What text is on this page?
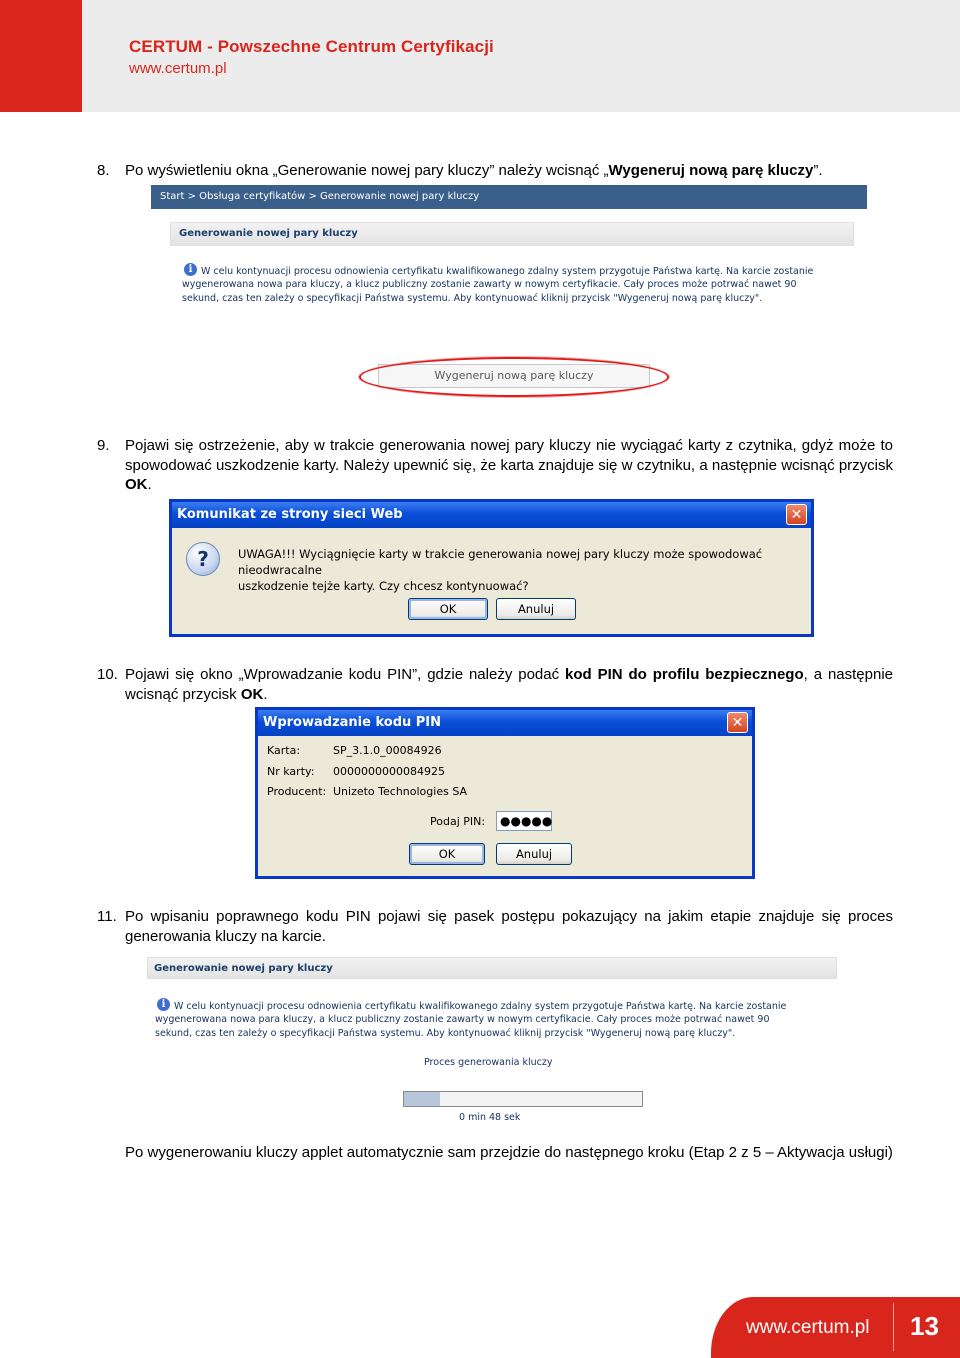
CERTUM - Powszechne Centrum Certyfikacji
www.certum.pl
8. Po wyświetleniu okna „Generowanie nowej pary kluczy” należy wcisnąć „Wygeneruj nową parę kluczy”.
Start > Obsługa certyfikatów > Generowanie nowej pary kluczy
Generowanie nowej pary kluczy
i W celu kontynuacji procesu odnowienia certyfikatu kwalifikowanego zdalny system przygotuje Państwa kartę. Na karcie zostanie
wygenerowana nowa para kluczy, a klucz publiczny zostanie zawarty w nowym certyfikacie. Cały proces może potrwać nawet 90
sekund, czas ten zależy o specyfikacji Państwa systemu. Aby kontynuować kliknij przycisk "Wygeneruj nową parę kluczy".
Wygeneruj nową parę kluczy
9. Pojawi się ostrzeżenie, aby w trakcie generowania nowej pary kluczy nie wyciągać karty z czytnika, gdyż może to spowodować uszkodzenie karty. Należy upewnić się, że karta znajduje się w czytniku, a następnie wcisnąć przycisk OK.
Komunikat ze strony sieci Web	✕
?	UWAGA!!! Wyciągnięcie karty w trakcie generowania nowej pary kluczy może spowodować nieodwracalne
uszkodzenie tejże karty. Czy chcesz kontynuować?
OK	Anuluj
10. Pojawi się okno „Wprowadzanie kodu PIN”, gdzie należy podać kod PIN do profilu bezpiecznego, a następnie wcisnąć przycisk OK.
Wprowadzanie kodu PIN	✕
Karta:	SP_3.1.0_00084926
Nr karty: 0000000000084925
Producent: Unizeto Technologies SA
Podaj PIN:	●●●●●
OK	Anuluj
11. Po wpisaniu poprawnego kodu PIN pojawi się pasek postępu pokazujący na jakim etapie znajduje się proces generowania kluczy na karcie.
Generowanie nowej pary kluczy
i W celu kontynuacji procesu odnowienia certyfikatu kwalifikowanego zdalny system przygotuje Państwa kartę. Na karcie zostanie
wygenerowana nowa para kluczy, a klucz publiczny zostanie zawarty w nowym certyfikacie. Cały proces może potrwać nawet 90
sekund, czas ten zależy o specyfikacji Państwa systemu. Aby kontynuować kliknij przycisk "Wygeneruj nową parę kluczy".
Proces generowania kluczy
0 min 48 sek
Po wygenerowaniu kluczy applet automatycznie sam przejdzie do następnego kroku (Etap 2 z 5 – Aktywacja usługi)
www.certum.pl 13
